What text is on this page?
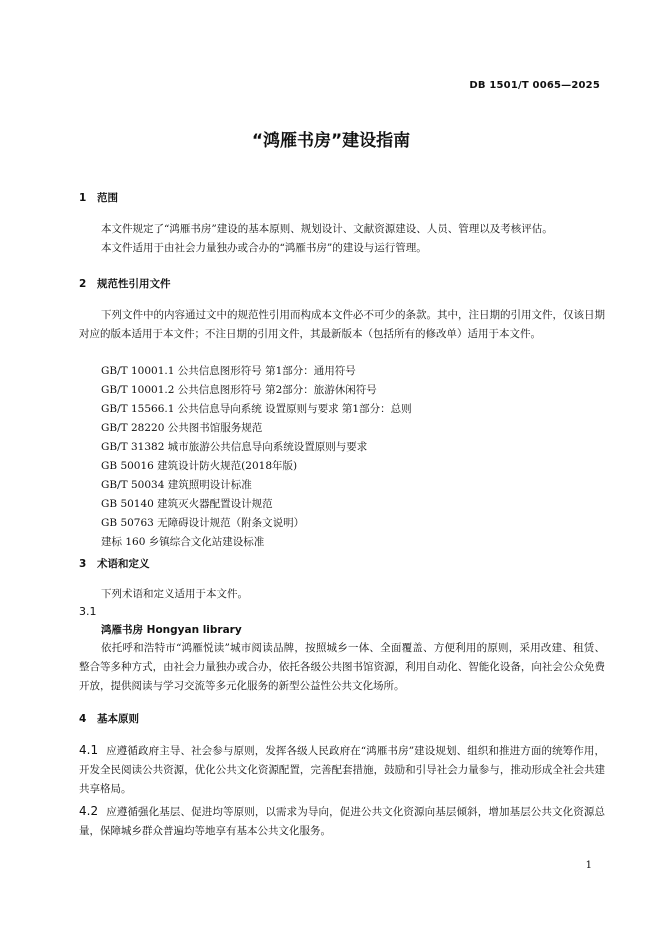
DB 1501/T 0065—2025
“鸿雁书房”建设指南
1 范围
本文件规定了“鸿雁书房”建设的基本原则、规划设计、文献资源建设、人员、管理以及考核评估。
本文件适用于由社会力量独办或合办的“鸿雁书房”的建设与运行管理。
2 规范性引用文件
下列文件中的内容通过文中的规范性引用而构成本文件必不可少的条款。其中，注日期的引用文件，仅该日期对应的版本适用于本文件；不注日期的引用文件，其最新版本（包括所有的修改单）适用于本文件。
GB/T 10001.1 公共信息图形符号 第1部分：通用符号
GB/T 10001.2 公共信息图形符号 第2部分：旅游休闲符号
GB/T 15566.1 公共信息导向系统 设置原则与要求 第1部分：总则
GB/T 28220 公共图书馆服务规范
GB/T 31382 城市旅游公共信息导向系统设置原则与要求
GB 50016 建筑设计防火规范(2018年版)
GB/T 50034 建筑照明设计标准
GB 50140 建筑灭火器配置设计规范
GB 50763 无障碍设计规范（附条文说明）
建标 160 乡镇综合文化站建设标准
3 术语和定义
下列术语和定义适用于本文件。
3.1
鸿雁书房 Hongyan library
依托呼和浩特市“鸿雁悦读”城市阅读品牌，按照城乡一体、全面覆盖、方便利用的原则，采用改建、租赁、整合等多种方式，由社会力量独办或合办，依托各级公共图书馆资源，利用自动化、智能化设备，向社会公众免费开放，提供阅读与学习交流等多元化服务的新型公益性公共文化场所。
4 基本原则
4.1 应遵循政府主导、社会参与原则，发挥各级人民政府在“鸿雁书房”建设规划、组织和推进方面的统筹作用，开发全民阅读公共资源，优化公共文化资源配置，完善配套措施，鼓励和引导社会力量参与，推动形成全社会共建共享格局。
4.2 应遵循强化基层、促进均等原则，以需求为导向，促进公共文化资源向基层倾斜，增加基层公共文化资源总量，保障城乡群众普遍均等地享有基本公共文化服务。
1
